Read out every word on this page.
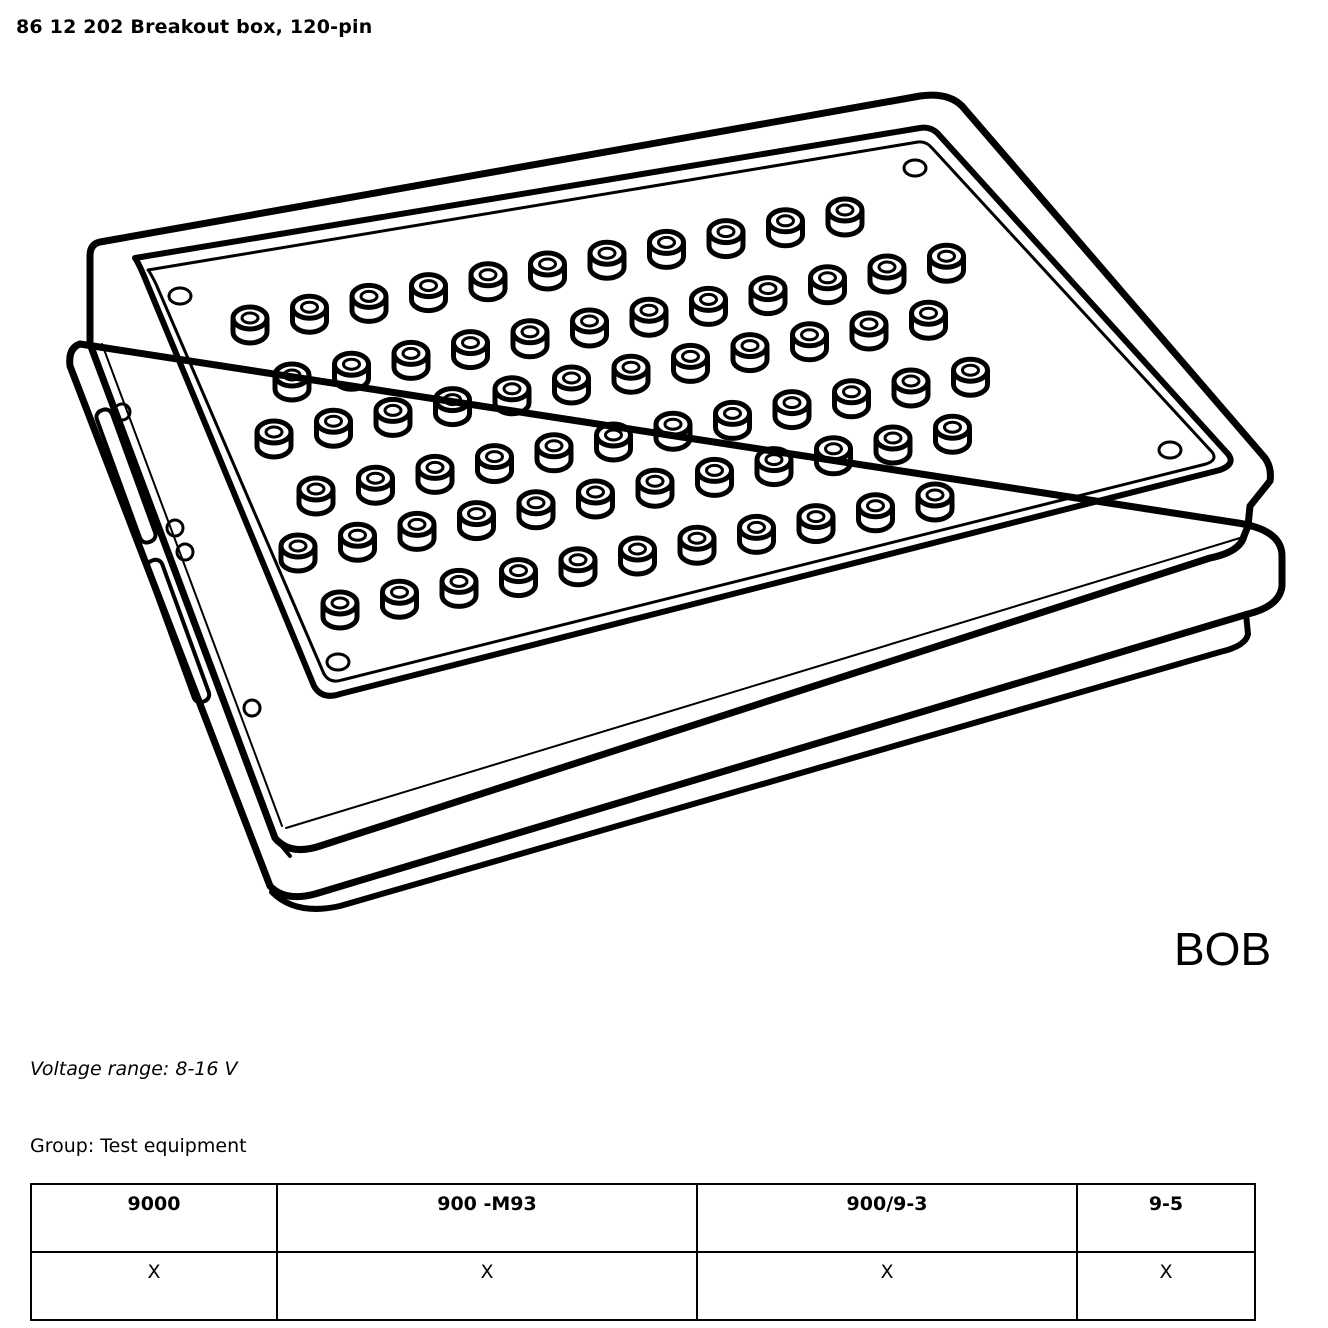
86 12 202 Breakout box, 120-pin
BOB
Voltage range: 8-16 V
Group: Test equipment
9000	900 -M93	900/9-3	9-5
X	X	X	X
